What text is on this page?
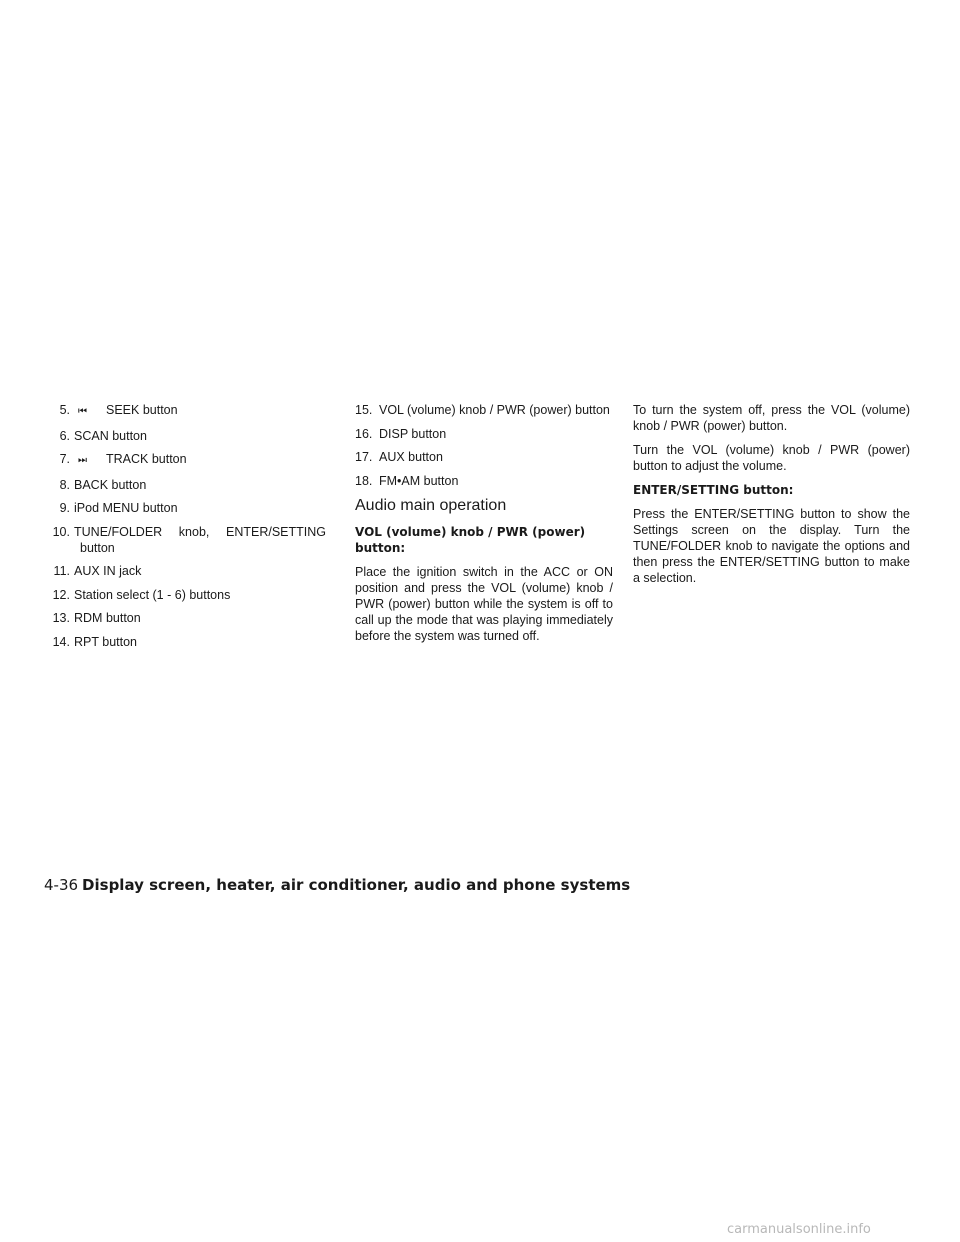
5. ⏮ SEEK button
6. SCAN button
7. ⏭ TRACK button
8. BACK button
9. iPod MENU button
10. TUNE/FOLDER knob, ENTER/SETTING
button
11. AUX IN jack
12. Station select (1 - 6) buttons
13. RDM button
14. RPT button
15. VOL (volume) knob / PWR (power) button
16. DISP button
17. AUX button
18. FM•AM button
Audio main operation

VOL (volume) knob / PWR (power) button:

Place the ignition switch in the ACC or ON position and press the VOL (volume) knob / PWR (power) button while the system is off to call up the mode that was playing immediately before the system was turned off.

To turn the system off, press the VOL (volume) knob / PWR (power) button.

Turn the VOL (volume) knob / PWR (power) button to adjust the volume.

ENTER/SETTING button:

Press the ENTER/SETTING button to show the Settings screen on the display. Turn the TUNE/FOLDER knob to navigate the options and then press the ENTER/SETTING button to make a selection.

4-36 Display screen, heater, air conditioner, audio and phone systems
carmanualsonline.info
